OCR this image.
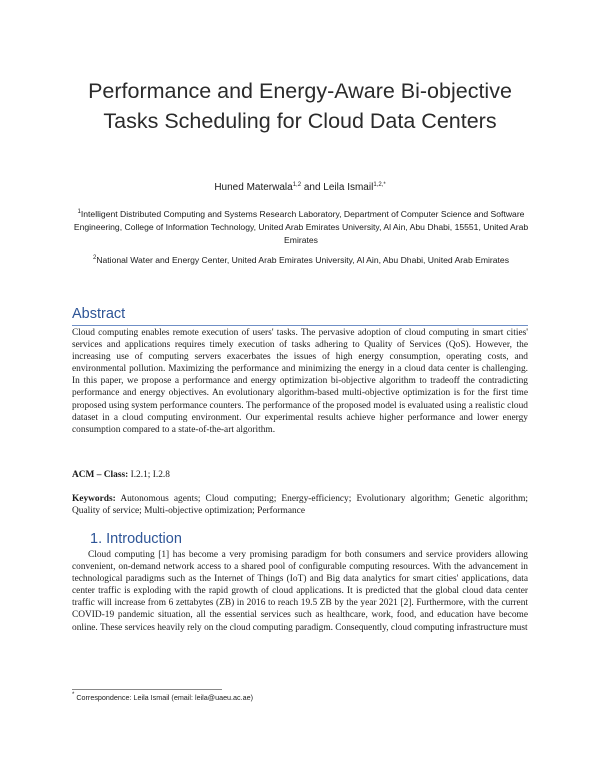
Performance and Energy-Aware Bi-objective Tasks Scheduling for Cloud Data Centers
Huned Materwala$^{1,2}$ and Leila Ismail$^{1,2,*}$
$^1$Intelligent Distributed Computing and Systems Research Laboratory, Department of Computer Science and Software Engineering, College of Information Technology, United Arab Emirates University, Al Ain, Abu Dhabi, 15551, United Arab Emirates
$^2$National Water and Energy Center, United Arab Emirates University, Al Ain, Abu Dhabi, United Arab Emirates
Abstract

Cloud computing enables remote execution of users' tasks. The pervasive adoption of cloud computing in smart cities' services and applications requires timely execution of tasks adhering to Quality of Services (QoS). However, the increasing use of computing servers exacerbates the issues of high energy consumption, operating costs, and environmental pollution. Maximizing the performance and minimizing the energy in a cloud data center is challenging. In this paper, we propose a performance and energy optimization bi-objective algorithm to tradeoff the contradicting performance and energy objectives. An evolutionary algorithm-based multi-objective optimization is for the first time proposed using system performance counters. The performance of the proposed model is evaluated using a realistic cloud dataset in a cloud computing environment. Our experimental results achieve higher performance and lower energy consumption compared to a state-of-the-art algorithm.

ACM – Class: I.2.1; I.2.8

Keywords: Autonomous agents; Cloud computing; Energy-efficiency; Evolutionary algorithm; Genetic algorithm; Quality of service; Multi-objective optimization; Performance

1. Introduction

Cloud computing [1] has become a very promising paradigm for both consumers and service providers allowing convenient, on-demand network access to a shared pool of configurable computing resources. With the advancement in technological paradigms such as the Internet of Things (IoT) and Big data analytics for smart cities' applications, data center traffic is exploding with the rapid growth of cloud applications. It is predicted that the global cloud data center traffic will increase from 6 zettabytes (ZB) in 2016 to reach 19.5 ZB by the year 2021 [2]. Furthermore, with the current COVID-19 pandemic situation, all the essential services such as healthcare, work, food, and education have become online. These services heavily rely on the cloud computing paradigm. Consequently, cloud computing infrastructure must

* Correspondence: Leila Ismail (email: leila@uaeu.ac.ae)
